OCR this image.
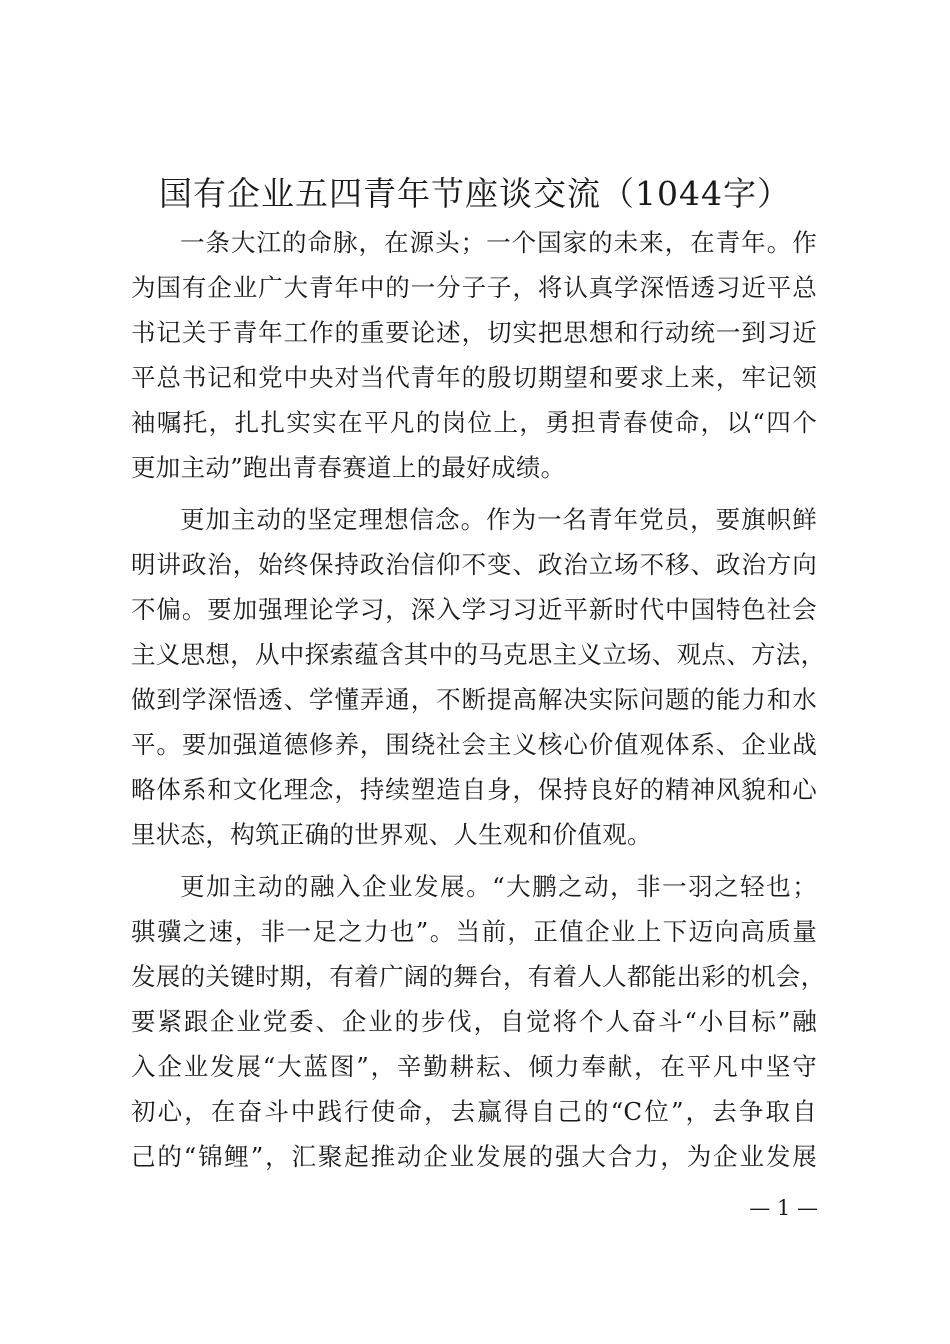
国有企业五四青年节座谈交流（1044字）
一条大江的命脉，在源头；一个国家的未来，在青年。作
为国有企业广大青年中的一分子子，将认真学深悟透习近平总
书记关于青年工作的重要论述，切实把思想和行动统一到习近
平总书记和党中央对当代青年的殷切期望和要求上来，牢记领
袖嘱托，扎扎实实在平凡的岗位上，勇担青春使命，以“四个
更加主动”跑出青春赛道上的最好成绩。
更加主动的坚定理想信念。作为一名青年党员，要旗帜鲜
明讲政治，始终保持政治信仰不变、政治立场不移、政治方向
不偏。要加强理论学习，深入学习习近平新时代中国特色社会
主义思想，从中探索蕴含其中的马克思主义立场、观点、方法，
做到学深悟透、学懂弄通，不断提高解决实际问题的能力和水
平。要加强道德修养，围绕社会主义核心价值观体系、企业战
略体系和文化理念，持续塑造自身，保持良好的精神风貌和心
里状态，构筑正确的世界观、人生观和价值观。
更加主动的融入企业发展。“大鹏之动，非一羽之轻也；
骐骥之速，非一足之力也”。当前，正值企业上下迈向高质量
发展的关键时期，有着广阔的舞台，有着人人都能出彩的机会，
要紧跟企业党委、企业的步伐，自觉将个人奋斗“小目标”融
入企业发展“大蓝图”，辛勤耕耘、倾力奉献，在平凡中坚守
初心，在奋斗中践行使命，去赢得自己的“C位”，去争取自
己的“锦鲤”，汇聚起推动企业发展的强大合力，为企业发展
— 1 —
